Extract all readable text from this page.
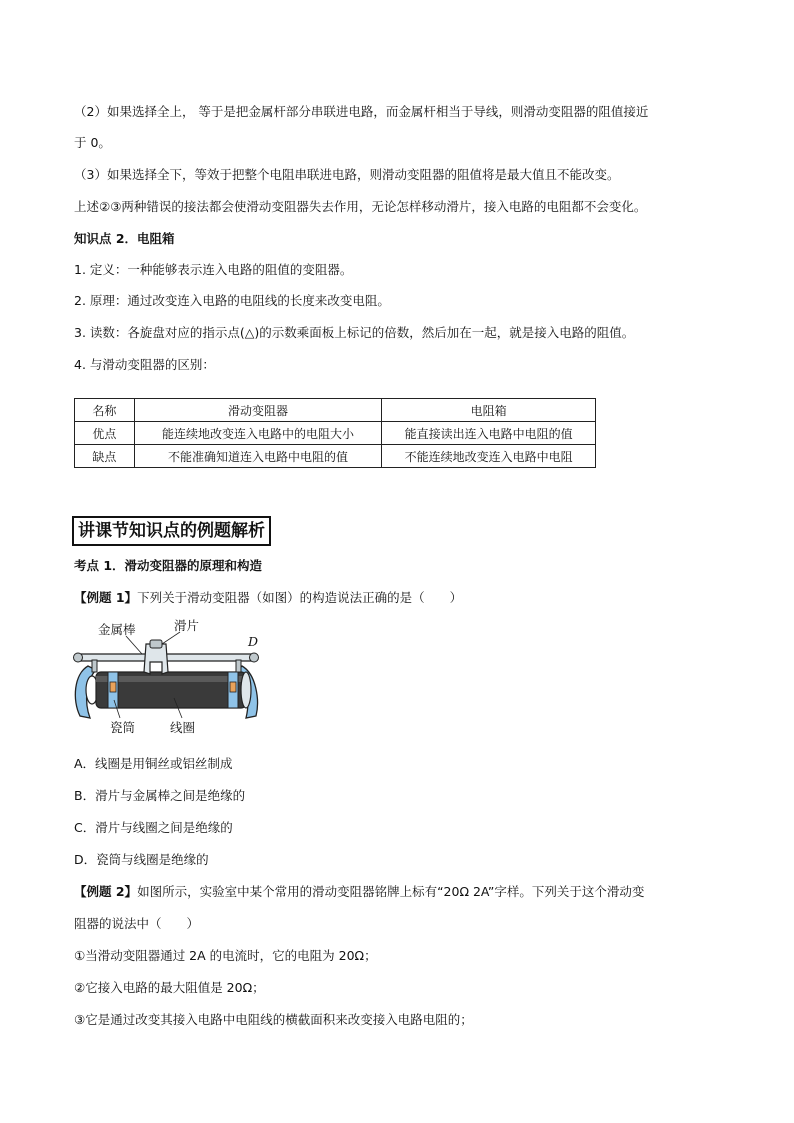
（2）如果选择全上， 等于是把金属杆部分串联进电路，而金属杆相当于导线，则滑动变阻器的阻值接近
于 0。
（3）如果选择全下，等效于把整个电阻串联进电路，则滑动变阻器的阻值将是最大值且不能改变。
上述②③两种错误的接法都会使滑动变阻器失去作用，无论怎样移动滑片，接入电路的电阻都不会变化。
知识点 2．电阻箱
1. 定义：一种能够表示连入电路的阻值的变阻器。
2. 原理：通过改变连入电路的电阻线的长度来改变电阻。
3. 读数：各旋盘对应的指示点(△)的示数乘面板上标记的倍数，然后加在一起，就是接入电路的阻值。
4. 与滑动变阻器的区别：
名称	滑动变阻器	电阻箱
优点	能连续地改变连入电路中的电阻大小	能直接读出连入电路中电阻的值
缺点	不能准确知道连入电路中电阻的值	不能连续地改变连入电路中电阻
讲课节知识点的例题解析
考点 1．滑动变阻器的原理和构造
【例题 1】下列关于滑动变阻器（如图）的构造说法正确的是（　　）
金属棒	滑片
D
瓷筒	线圈
A．线圈是用铜丝或铝丝制成
B．滑片与金属棒之间是绝缘的
C．滑片与线圈之间是绝缘的
D．瓷筒与线圈是绝缘的
【例题 2】如图所示，实验室中某个常用的滑动变阻器铭牌上标有“20Ω 2A”字样。下列关于这个滑动变
阻器的说法中（　　）
①当滑动变阻器通过 2A 的电流时，它的电阻为 20Ω；
②它接入电路的最大阻值是 20Ω；
③它是通过改变其接入电路中电阻线的横截面积来改变接入电路电阻的；
